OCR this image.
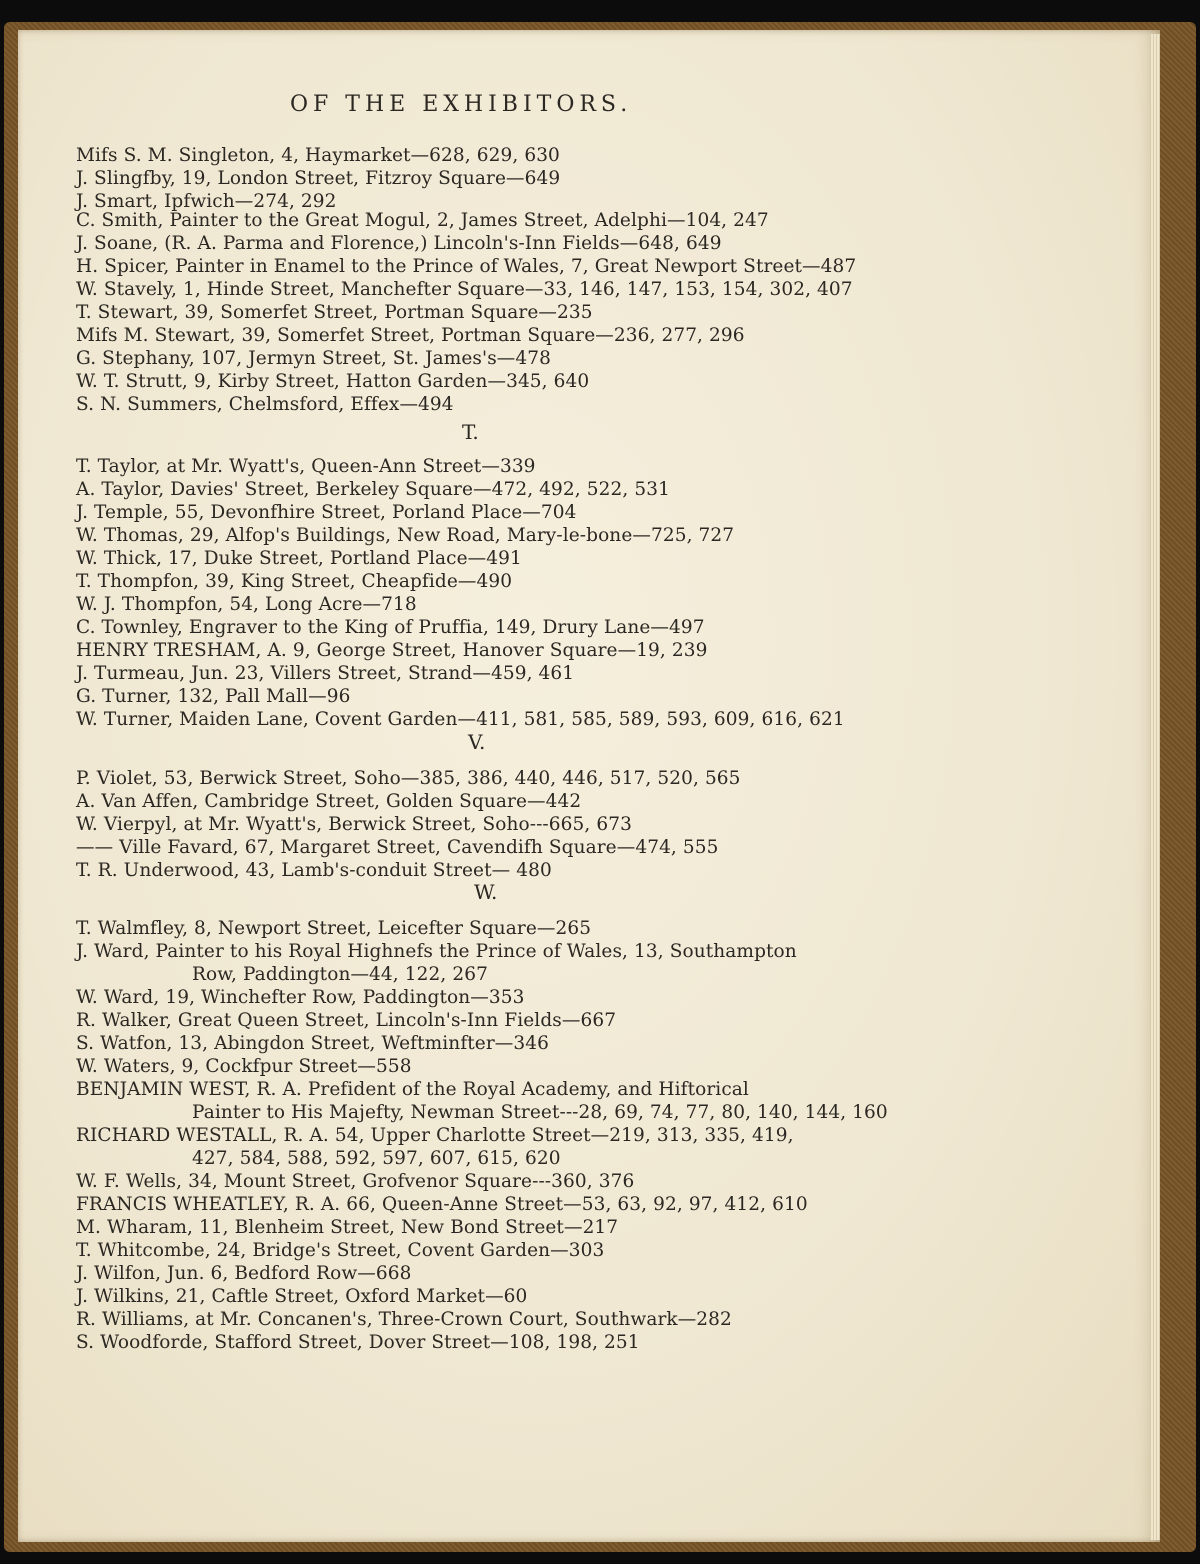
OF THE EXHIBITORS.
T.
V.
W.
Mifs S. M. Singleton, 4, Haymarket—628, 629, 630
J. Slingfby, 19, London Street, Fitzroy Square—649
J. Smart, Ipfwich—274, 292
C. Smith, Painter to the Great Mogul, 2, James Street, Adelphi—104, 247
J. Soane, (R. A. Parma and Florence,) Lincoln's-Inn Fields—648, 649
H. Spicer, Painter in Enamel to the Prince of Wales, 7, Great Newport Street—487
W. Stavely, 1, Hinde Street, Manchefter Square—33, 146, 147, 153, 154, 302, 407
T. Stewart, 39, Somerfet Street, Portman Square—235
Mifs M. Stewart, 39, Somerfet Street, Portman Square—236, 277, 296
G. Stephany, 107, Jermyn Street, St. James's—478
W. T. Strutt, 9, Kirby Street, Hatton Garden—345, 640
S. N. Summers, Chelmsford, Effex—494
T. Taylor, at Mr. Wyatt's, Queen-Ann Street—339
A. Taylor, Davies' Street, Berkeley Square—472, 492, 522, 531
J. Temple, 55, Devonfhire Street, Porland Place—704
W. Thomas, 29, Alfop's Buildings, New Road, Mary-le-bone—725, 727
W. Thick, 17, Duke Street, Portland Place—491
T. Thompfon, 39, King Street, Cheapfide—490
W. J. Thompfon, 54, Long Acre—718
C. Townley, Engraver to the King of Pruffia, 149, Drury Lane—497
HENRY TRESHAM, A. 9, George Street, Hanover Square—19, 239
J. Turmeau, Jun. 23, Villers Street, Strand—459, 461
G. Turner, 132, Pall Mall—96
W. Turner, Maiden Lane, Covent Garden—411, 581, 585, 589, 593, 609, 616, 621
P. Violet, 53, Berwick Street, Soho—385, 386, 440, 446, 517, 520, 565
A. Van Affen, Cambridge Street, Golden Square—442
W. Vierpyl, at Mr. Wyatt's, Berwick Street, Soho---665, 673
—— Ville Favard, 67, Margaret Street, Cavendifh Square—474, 555
T. R. Underwood, 43, Lamb's-conduit Street— 480
T. Walmfley, 8, Newport Street, Leicefter Square—265
J. Ward, Painter to his Royal Highnefs the Prince of Wales, 13, Southampton
Row, Paddington—44, 122, 267
W. Ward, 19, Winchefter Row, Paddington—353
R. Walker, Great Queen Street, Lincoln's-Inn Fields—667
S. Watfon, 13, Abingdon Street, Weftminfter—346
W. Waters, 9, Cockfpur Street—558
BENJAMIN WEST, R. A. Prefident of the Royal Academy, and Hiftorical
Painter to His Majefty, Newman Street---28, 69, 74, 77, 80, 140, 144, 160
RICHARD WESTALL, R. A. 54, Upper Charlotte Street—219, 313, 335, 419,
427, 584, 588, 592, 597, 607, 615, 620
W. F. Wells, 34, Mount Street, Grofvenor Square---360, 376
FRANCIS WHEATLEY, R. A. 66, Queen-Anne Street—53, 63, 92, 97, 412, 610
M. Wharam, 11, Blenheim Street, New Bond Street—217
T. Whitcombe, 24, Bridge's Street, Covent Garden—303
J. Wilfon, Jun. 6, Bedford Row—668
J. Wilkins, 21, Caftle Street, Oxford Market—60
R. Williams, at Mr. Concanen's, Three-Crown Court, Southwark—282
S. Woodforde, Stafford Street, Dover Street—108, 198, 251
